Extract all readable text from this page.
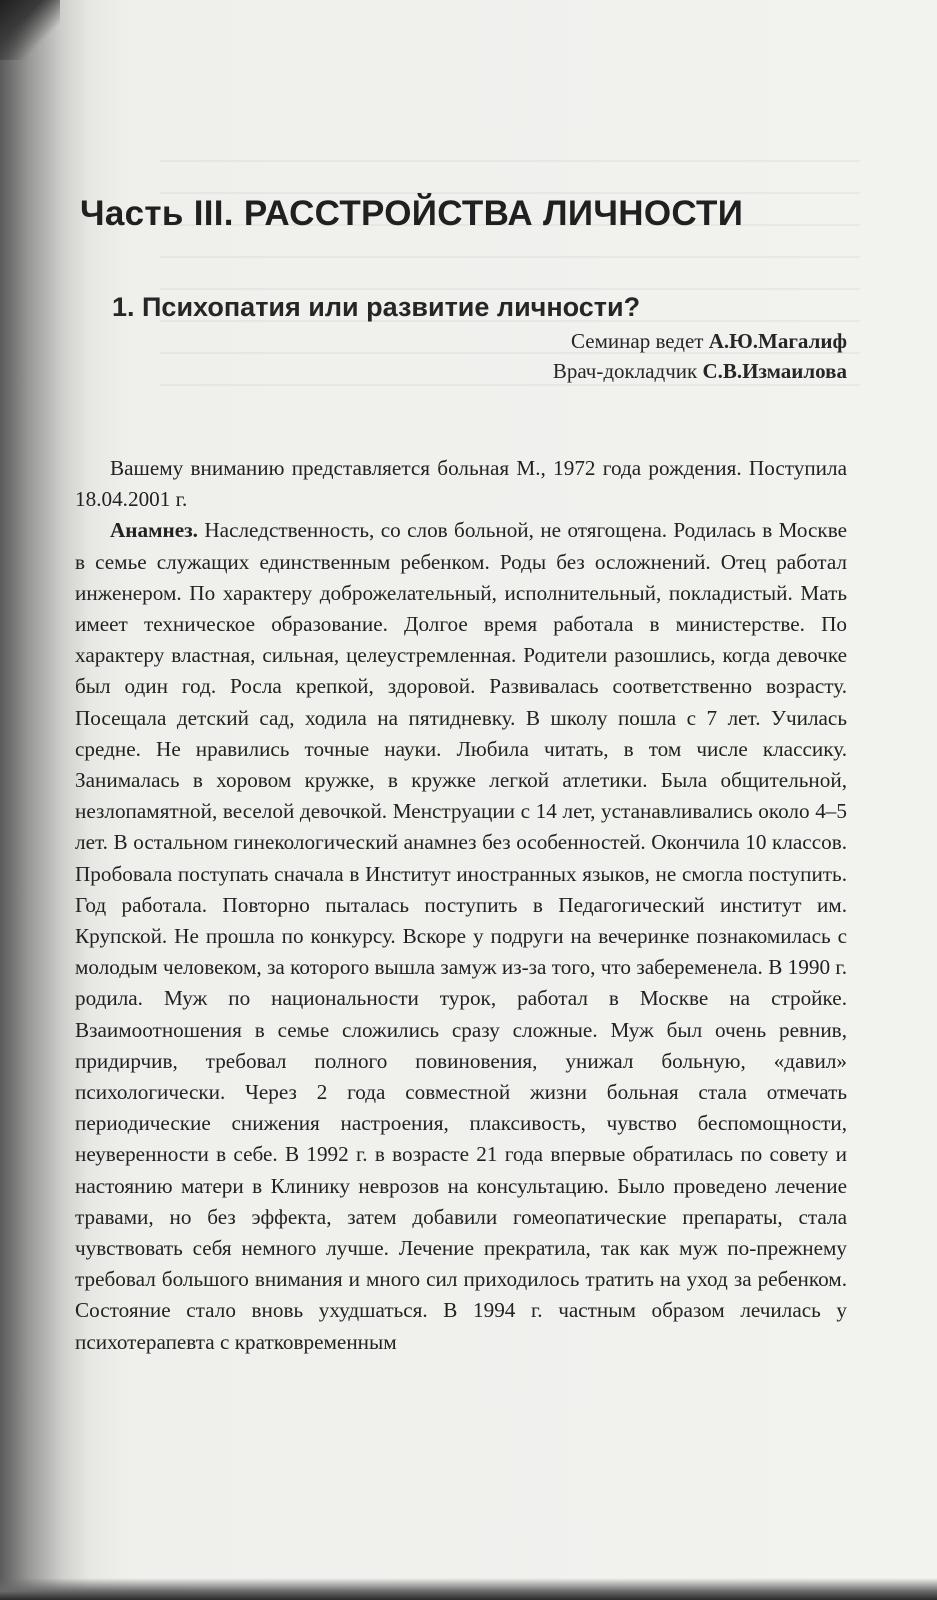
Часть III. РАССТРОЙСТВА ЛИЧНОСТИ
1. Психопатия или развитие личности?
Семинар ведет А.Ю.Магалиф
Врач-докладчик С.В.Измаилова

Вашему вниманию представляется больная М., 1972 года рождения. Поступила 18.04.2001 г.

Анамнез. Наследственность, со слов больной, не отягощена. Родилась в Москве в семье служащих единственным ребенком. Роды без осложнений. Отец работал инженером. По характеру доброжелательный, исполнительный, покладистый. Мать имеет техническое образование. Долгое время работала в министерстве. По характеру властная, сильная, целеустремленная. Родители разошлись, когда девочке был один год. Росла крепкой, здоровой. Развивалась соответственно возрасту. Посещала детский сад, ходила на пятидневку. В школу пошла с 7 лет. Училась средне. Не нравились точные науки. Любила читать, в том числе классику. Занималась в хоровом кружке, в кружке легкой атлетики. Была общительной, незлопамятной, веселой девочкой. Менструации с 14 лет, устанавливались около 4–5 лет. В остальном гинекологический анамнез без особенностей. Окончила 10 классов. Пробовала поступать сначала в Институт иностранных языков, не смогла поступить. Год работала. Повторно пыталась поступить в Педагогический институт им. Крупской. Не прошла по конкурсу. Вскоре у подруги на вечеринке познакомилась с молодым человеком, за которого вышла замуж из-за того, что забеременела. В 1990 г. родила. Муж по национальности турок, работал в Москве на стройке. Взаимоотношения в семье сложились сразу сложные. Муж был очень ревнив, придирчив, требовал полного повиновения, унижал больную, «давил» психологически. Через 2 года совместной жизни больная стала отмечать периодические снижения настроения, плаксивость, чувство беспомощности, неуверенности в себе. В 1992 г. в возрасте 21 года впервые обратилась по совету и настоянию матери в Клинику неврозов на консультацию. Было проведено лечение травами, но без эффекта, затем добавили гомеопатические препараты, стала чувствовать себя немного лучше. Лечение прекратила, так как муж по-прежнему требовал большого внимания и много сил приходилось тратить на уход за ребенком. Состояние стало вновь ухудшаться. В 1994 г. частным образом лечилась у психотерапевта с кратковременным
